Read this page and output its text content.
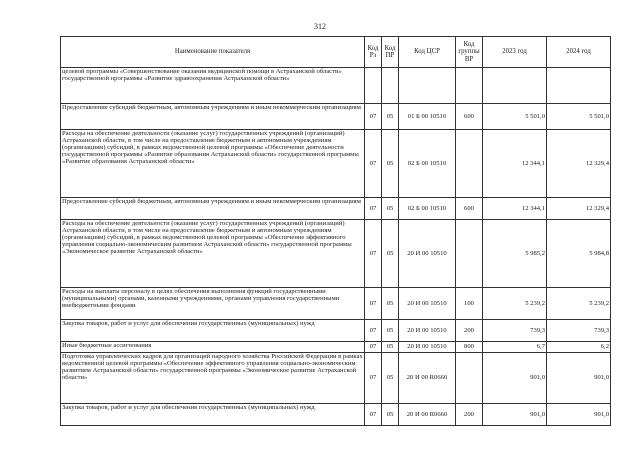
312
Наименование показателя	Код Рз	Код ПР	Код ЦСР	Код группы ВР	2023 год	2024 год
целевой программы «Совершенствование оказания медицинской помощи в Астраханской области» государственной программы «Развитие здравоохранения Астраханской области»						
Предоставление субсидий бюджетным, автономным учреждениям и иным некоммерческим организациям	07	05	01 Б 00 10510	600	5 501,0	5 501,0
Расходы на обеспечение деятельности (оказание услуг) государственных учреждений (организаций) Астраханской области, в том числе на предоставление бюджетным и автономным учреждениям (организациям) субсидий, в рамках ведомственной целевой программы «Обеспечение деятельности государственной программы «Развитие образования Астраханской области» государственной программы «Развитие образования Астраханской области»	07	05	02 Б 00 10510		12 344,1	12 329,4
Предоставление субсидий бюджетным, автономным учреждениям и иным некоммерческим организациям	07	05	02 Б 00 10510	600	12 344,1	12 329,4
Расходы на обеспечение деятельности (оказание услуг) государственных учреждений (организаций) Астраханской области, в том числе на предоставление бюджетным и автономным учреждениям (организациям) субсидий, в рамках ведомственной целевой программы «Обеспечение эффективного управления социально-экономическим развитием Астраханской области» государственной программы «Экономическое развитие Астраханской области»	07	05	20 И 00 10510		5 985,2	5 984,8
Расходы на выплаты персоналу в целях обеспечения выполнения функций государственными (муниципальными) органами, казенными учреждениями, органами управления государственными внебюджетными фондами	07	05	20 И 00 10510	100	5 239,2	5 239,2
Закупка товаров, работ и услуг для обеспечения государственных (муниципальных) нужд	07	05	20 И 00 10510	200	739,3	739,3
Иные бюджетные ассигнования	07	05	20 И 00 10510	800	6,7	6,2
Подготовка управленческих кадров для организаций народного хозяйства Российской Федерации в рамках ведомственной целевой программы «Обеспечение эффективного управления социально-экономическим развитием Астраханской области» государственной программы «Экономическое развитие Астраханской области»	07	05	20 И 00 R0660		901,0	901,0
Закупка товаров, работ и услуг для обеспечения государственных (муниципальных) нужд	07	05	20 И 00 R0660	200	901,0	901,0
